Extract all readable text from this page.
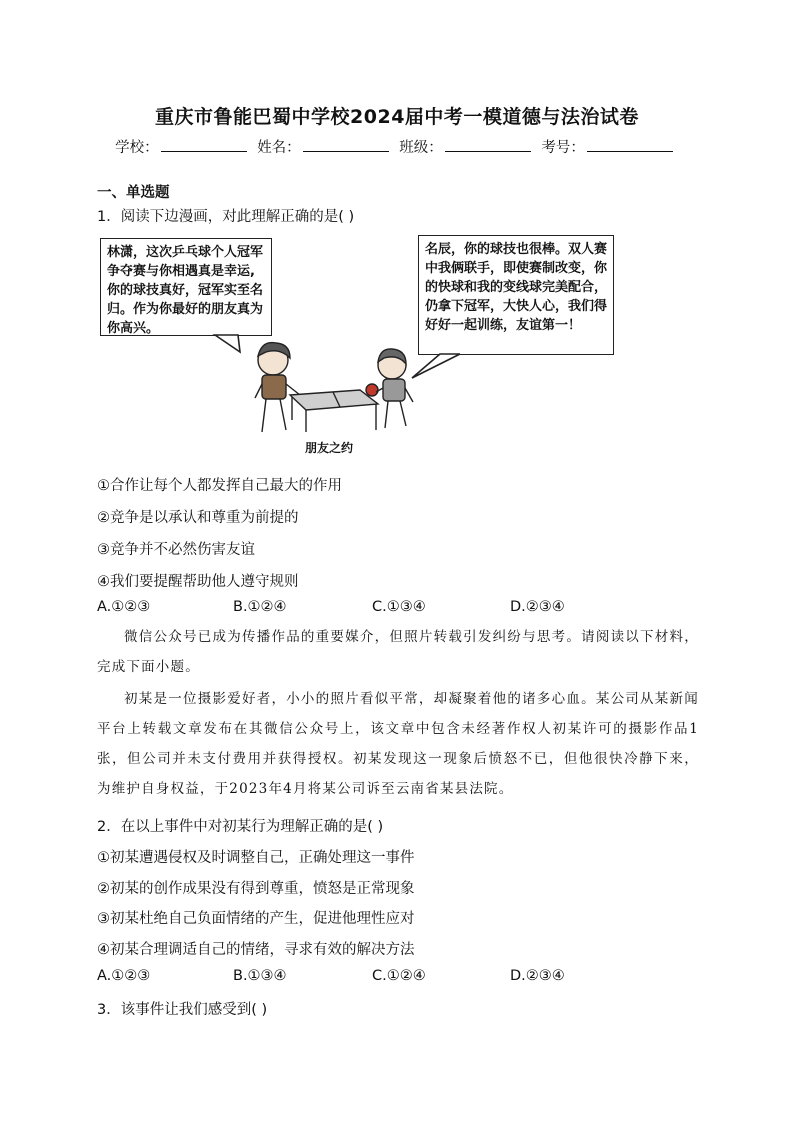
重庆市鲁能巴蜀中学校2024届中考一模道德与法治试卷
学校：	姓名：	班级：	考号：
一、单选题
1．阅读下边漫画，对此理解正确的是( )
林潇，这次乒乓球个人冠军争夺赛与你相遇真是幸运,你的球技真好，冠军实至名归。作为你最好的朋友真为你高兴。
名辰，你的球技也很棒。双人赛中我俩联手，即使赛制改变，你的快球和我的变线球完美配合，仍拿下冠军，大快人心，我们得好好一起训练，友谊第一！
朋友之约
①合作让每个人都发挥自己最大的作用
②竞争是以承认和尊重为前提的
③竞争并不必然伤害友谊
④我们要提醒帮助他人遵守规则
A.①②③	B.①②④	C.①③④	D.②③④
微信公众号已成为传播作品的重要媒介，但照片转载引发纠纷与思考。请阅读以下材料，完成下面小题。
初某是一位摄影爱好者，小小的照片看似平常，却凝聚着他的诸多心血。某公司从某新闻平台上转载文章发布在其微信公众号上，该文章中包含未经著作权人初某许可的摄影作品1张，但公司并未支付费用并获得授权。初某发现这一现象后愤怒不已，但他很快冷静下来，为维护自身权益，于2023年4月将某公司诉至云南省某县法院。
2．在以上事件中对初某行为理解正确的是( )
①初某遭遇侵权及时调整自己，正确处理这一事件
②初某的创作成果没有得到尊重，愤怒是正常现象
③初某杜绝自己负面情绪的产生，促进他理性应对
④初某合理调适自己的情绪，寻求有效的解决方法
A.①②③	B.①③④	C.①②④	D.②③④
3．该事件让我们感受到( )
